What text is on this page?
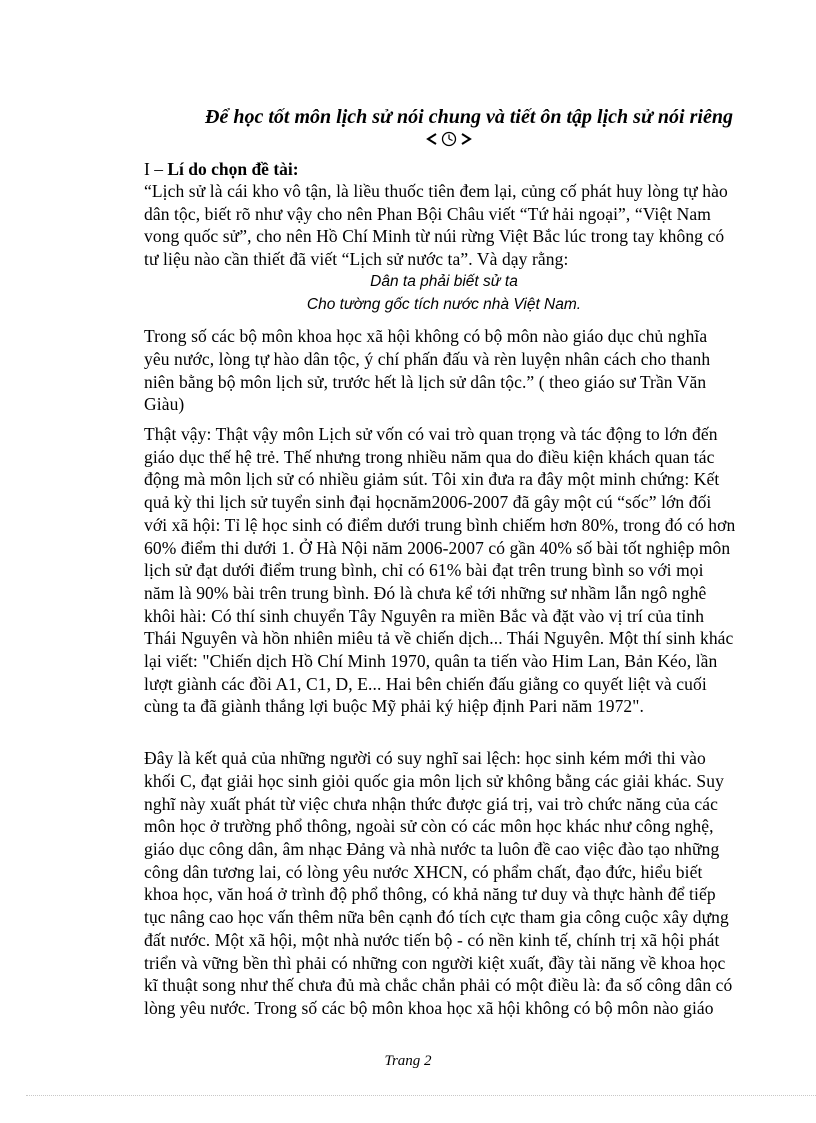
Để học tốt môn lịch sử nói chung và tiết ôn tập lịch sử nói riêng

I – Lí do chọn đề tài:

“Lịch sử là cái kho vô tận, là liều thuốc tiên đem lại, củng cố phát huy lòng tự hào
dân tộc, biết rõ như vậy cho nên Phan Bội Châu viết “Tứ hải ngoại”, “Việt Nam
vong quốc sử”, cho nên Hồ Chí Minh từ núi rừng Việt Bắc lúc trong tay không có
tư liệu nào cần thiết đã viết “Lịch sử nước ta”. Và dạy rằng:

Dân ta phải biết sử ta

Cho tường gốc tích nước nhà Việt Nam.

Trong số các bộ môn khoa học xã hội không có bộ môn nào giáo dục chủ nghĩa
yêu nước, lòng tự hào dân tộc, ý chí phấn đấu và rèn luyện nhân cách cho thanh
niên bằng bộ môn lịch sử, trước hết là lịch sử dân tộc.” ( theo giáo sư Trần Văn
Giàu)

Thật vậy: Thật vậy môn Lịch sử vốn có vai trò quan trọng và tác động to lớn đến
giáo dục thế hệ trẻ. Thế nhưng trong nhiều năm qua do điều kiện khách quan tác
động mà môn lịch sử có nhiều giảm sút. Tôi xin đưa ra đây một minh chứng: Kết
quả kỳ thi lịch sử tuyển sinh đại họcnăm2006-2007 đã gây một cú “sốc” lớn đối
với xã hội: Tỉ lệ học sinh có điểm dưới trung bình chiếm hơn 80%, trong đó có hơn
60% điểm thi dưới 1. Ở Hà Nội năm 2006-2007 có gần 40% số bài tốt nghiệp môn
lịch sử đạt dưới điểm trung bình, chỉ có 61% bài đạt trên trung bình so với mọi
năm là 90% bài trên trung bình. Đó là chưa kể tới những sư nhầm lẫn ngô nghê
khôi hài: Có thí sinh chuyển Tây Nguyên ra miền Bắc và đặt vào vị trí của tỉnh
Thái Nguyên và hồn nhiên miêu tả về chiến dịch... Thái Nguyên. Một thí sinh khác
lại viết: "Chiến dịch Hồ Chí Minh 1970, quân ta tiến vào Him Lan, Bản Kéo, lần
lượt giành các đồi A1, C1, D, E... Hai bên chiến đấu giằng co quyết liệt và cuối
cùng ta đã giành thắng lợi buộc Mỹ phải ký hiệp định Pari năm 1972".

Đây là kết quả của những người có suy nghĩ sai lệch: học sinh kém mới thi vào
khối C, đạt giải học sinh giỏi quốc gia môn lịch sử không bằng các giải khác. Suy
nghĩ này xuất phát từ việc chưa nhận thức được giá trị, vai trò chức năng của các
môn học ở trường phổ thông, ngoài sử còn có các môn học khác như công nghệ,
giáo dục công dân, âm nhạc Đảng và nhà nước ta luôn đề cao việc đào tạo những
công dân tương lai, có lòng yêu nước XHCN, có phẩm chất, đạo đức, hiểu biết
khoa học, văn hoá ở trình độ phổ thông, có khả năng tư duy và thực hành để tiếp
tục nâng cao học vấn thêm nữa bên cạnh đó tích cực tham gia công cuộc xây dựng
đất nước. Một xã hội, một nhà nước tiến bộ - có nền kinh tế, chính trị xã hội phát
triển và vững bền thì phải có những con người kiệt xuất, đầy tài năng về khoa học
kĩ thuật song như thế chưa đủ mà chắc chắn phải có một điều là: đa số công dân có
lòng yêu nước. Trong số các bộ môn khoa học xã hội không có bộ môn nào giáo

Trang 2
